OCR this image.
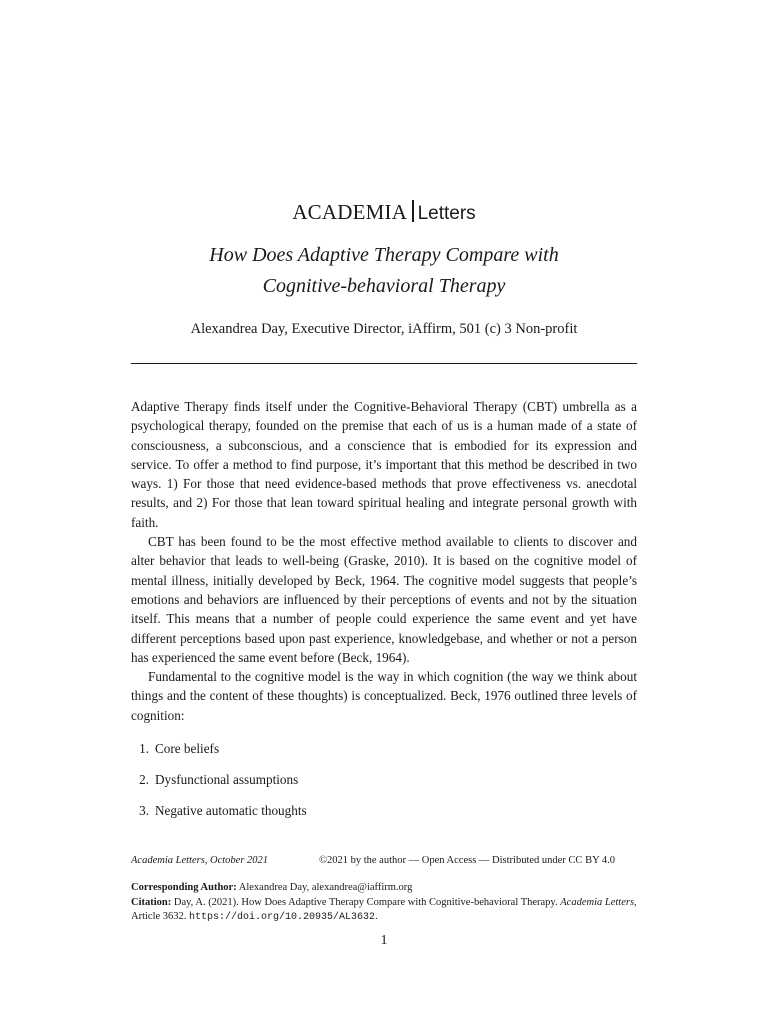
ACADEMIA Letters
How Does Adaptive Therapy Compare with
Cognitive-behavioral Therapy
Alexandrea Day, Executive Director, iAffirm, 501 (c) 3 Non-profit

Adaptive Therapy finds itself under the Cognitive-Behavioral Therapy (CBT) umbrella as a psychological therapy, founded on the premise that each of us is a human made of a state of consciousness, a subconscious, and a conscience that is embodied for its expression and service. To offer a method to find purpose, it’s important that this method be described in two ways. 1) For those that need evidence-based methods that prove effectiveness vs. anecdotal results, and 2) For those that lean toward spiritual healing and integrate personal growth with faith.

CBT has been found to be the most effective method available to clients to discover and alter behavior that leads to well-being (Graske, 2010). It is based on the cognitive model of mental illness, initially developed by Beck, 1964. The cognitive model suggests that people’s emotions and behaviors are influenced by their perceptions of events and not by the situation itself. This means that a number of people could experience the same event and yet have different perceptions based upon past experience, knowledgebase, and whether or not a person has experienced the same event before (Beck, 1964).

Fundamental to the cognitive model is the way in which cognition (the way we think about things and the content of these thoughts) is conceptualized. Beck, 1976 outlined three levels of cognition:

1. Core beliefs
2. Dysfunctional assumptions
3. Negative automatic thoughts
Academia Letters, October 2021	©2021 by the author — Open Access — Distributed under CC BY 4.0

Corresponding Author: Alexandrea Day, alexandrea@iaffirm.org

Citation: Day, A. (2021). How Does Adaptive Therapy Compare with Cognitive-behavioral Therapy. Academia Letters, Article 3632. https://doi.org/10.20935/AL3632.

1
